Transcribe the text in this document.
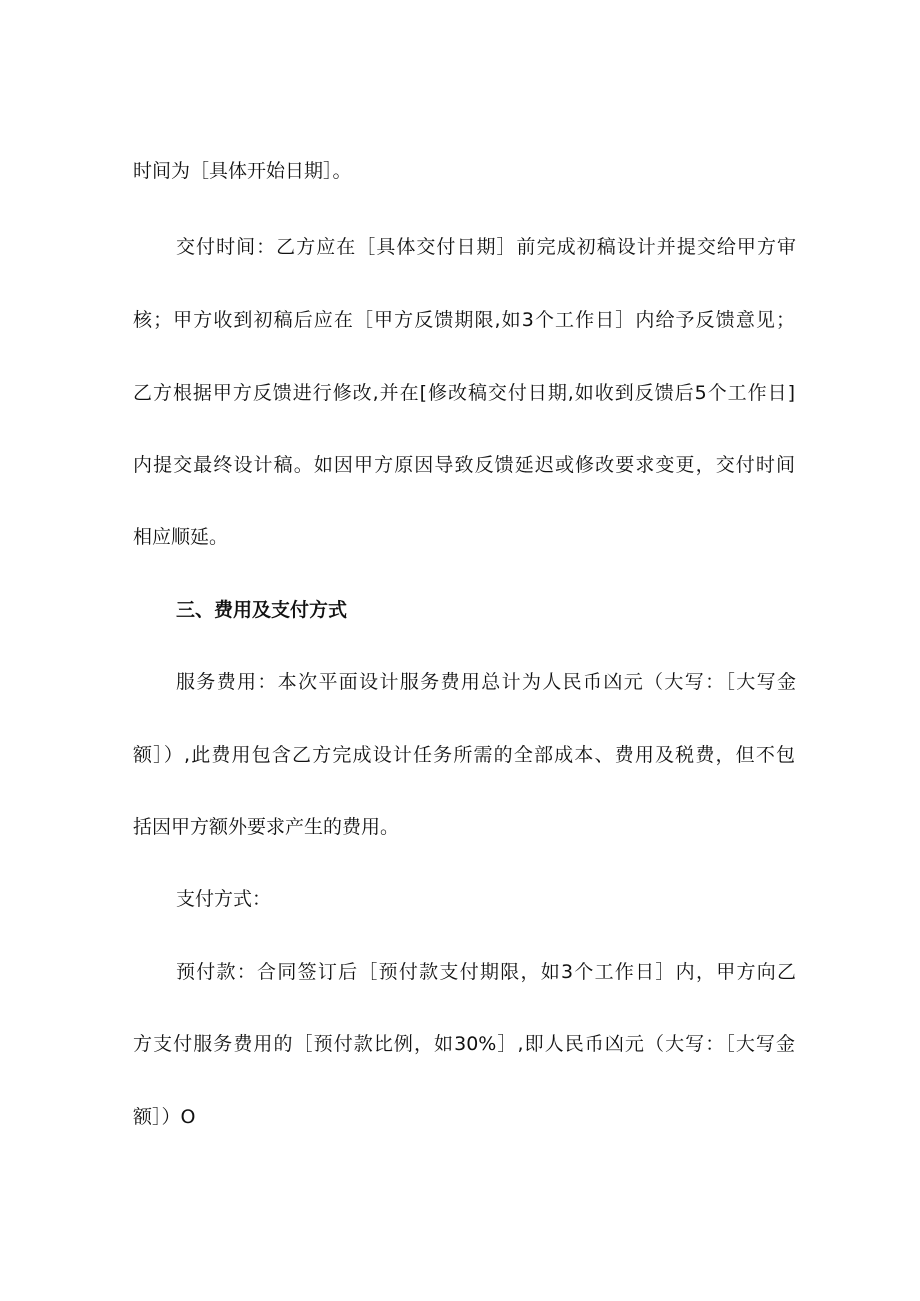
时间为［具体开始日期］。
交付时间：乙方应在［具体交付日期］前完成初稿设计并提交给甲方审
核；甲方收到初稿后应在［甲方反馈期限,如3个工作日］内给予反馈意见；
乙方根据甲方反馈进行修改,并在[修改稿交付日期,如收到反馈后5个工作日]
内提交最终设计稿。如因甲方原因导致反馈延迟或修改要求变更，交付时间
相应顺延。
三、费用及支付方式
服务费用：本次平面设计服务费用总计为人民币凶元（大写：［大写金
额］）,此费用包含乙方完成设计任务所需的全部成本、费用及税费，但不包
括因甲方额外要求产生的费用。
支付方式：
预付款：合同签订后［预付款支付期限，如3个工作日］内，甲方向乙
方支付服务费用的［预付款比例，如30%］,即人民币凶元（大写：［大写金
额］）O
